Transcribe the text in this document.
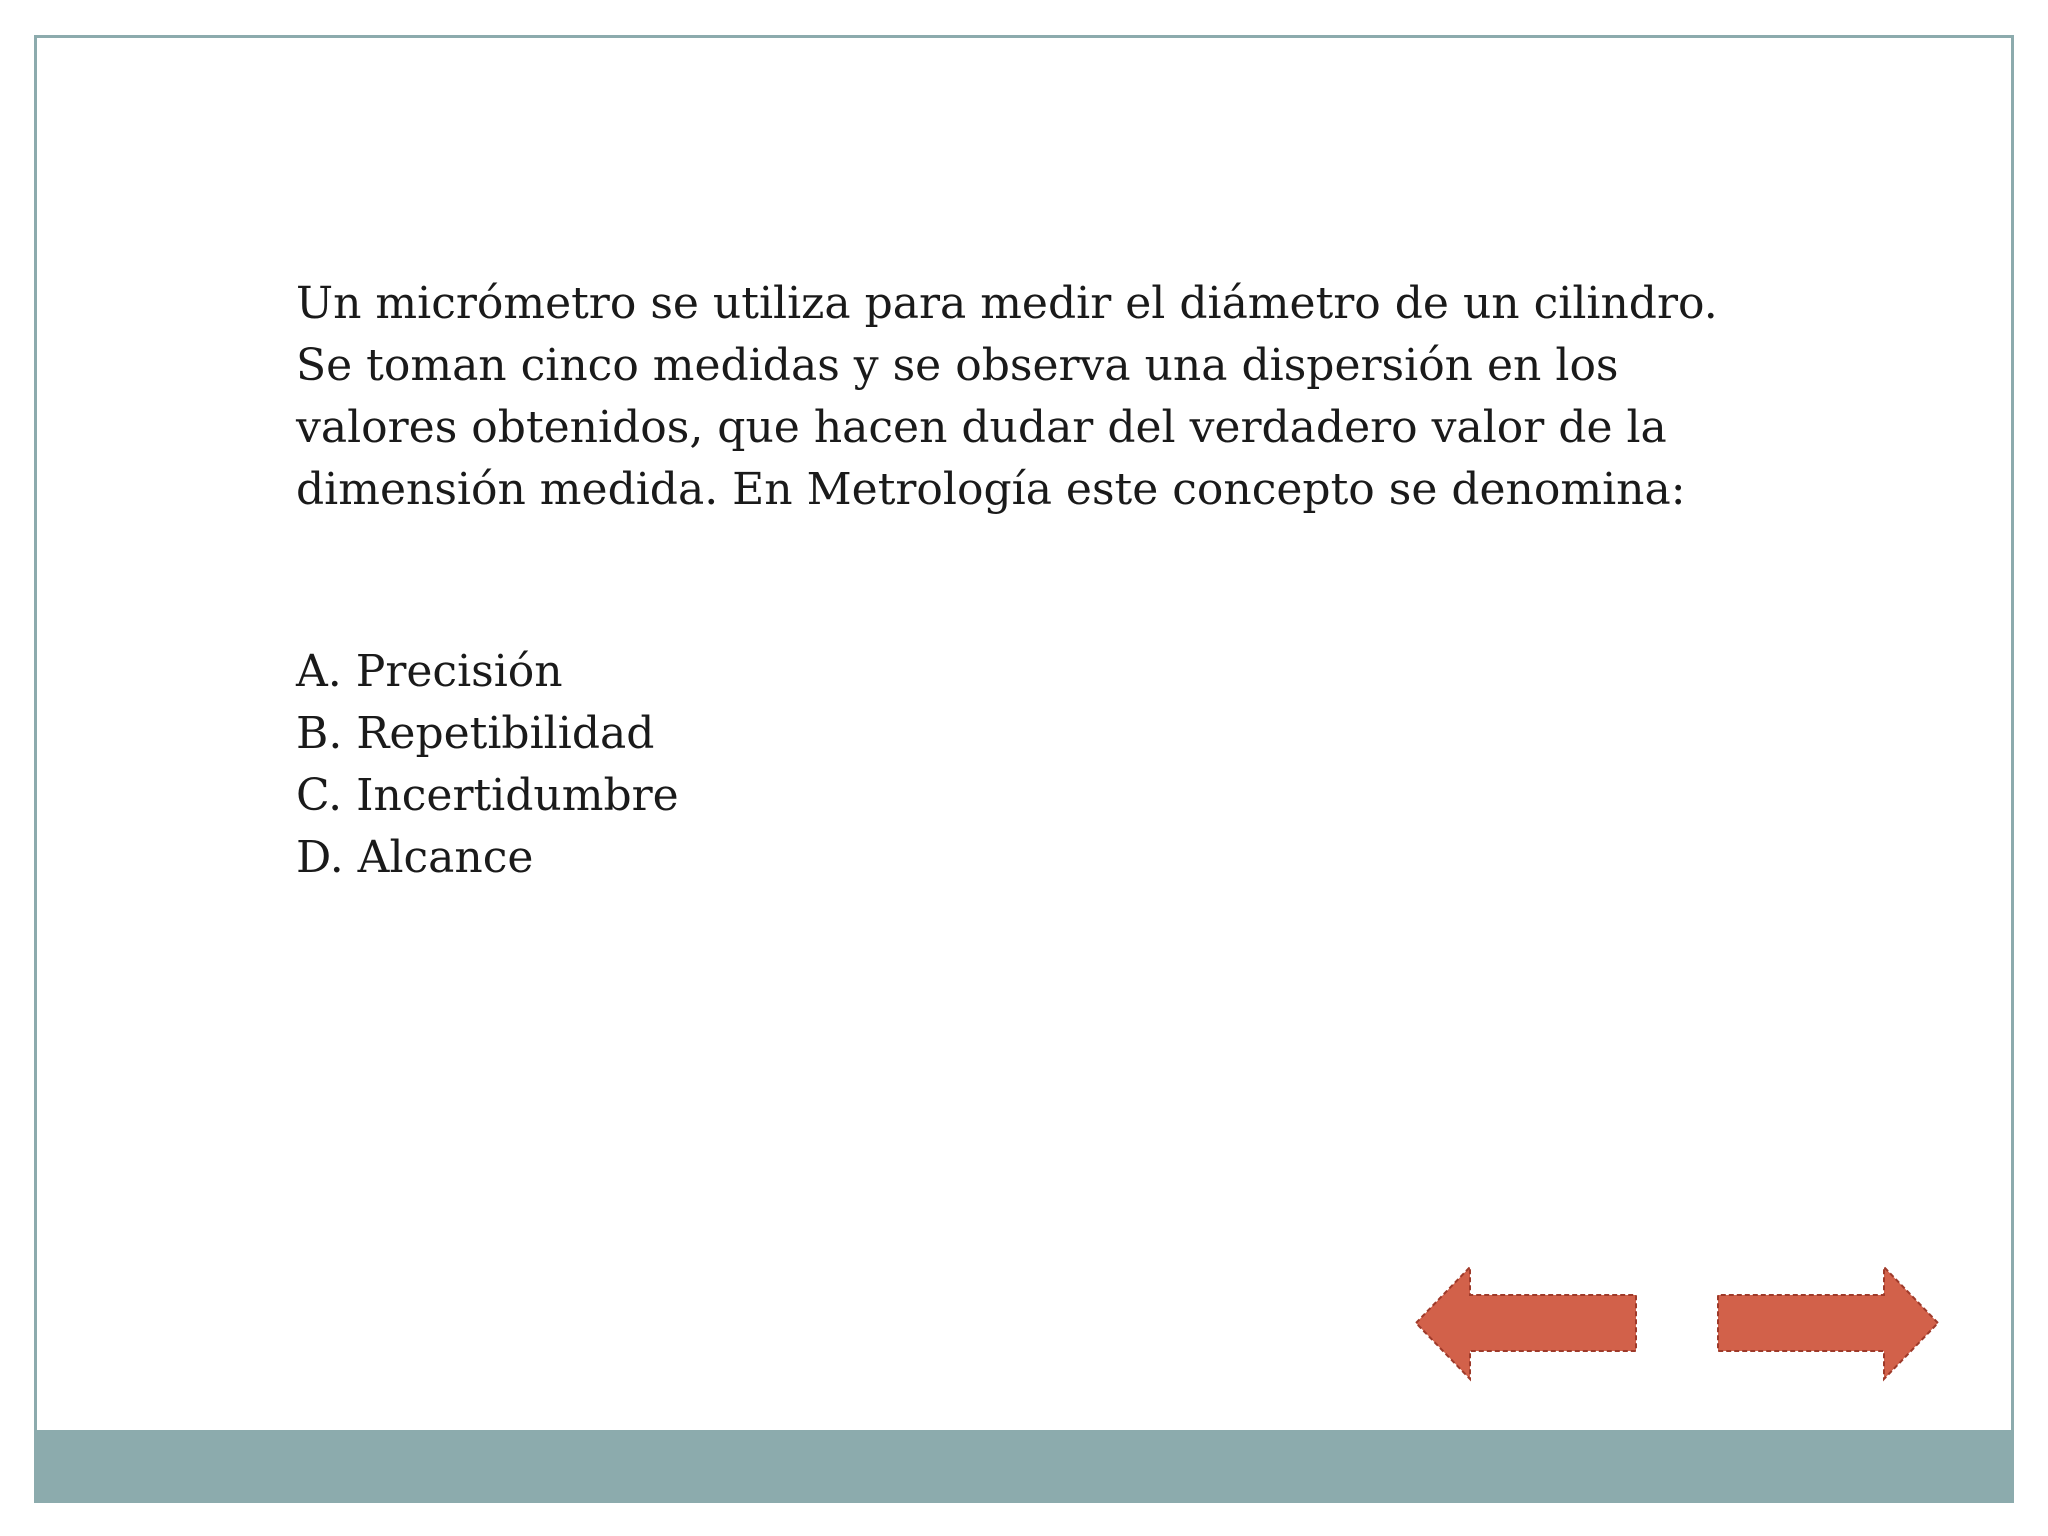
Un micrómetro se utiliza para medir el diámetro de un cilindro.
Se toman cinco medidas y se observa una dispersión en los
valores obtenidos, que hacen dudar del verdadero valor de la
dimensión medida. En Metrología este concepto se denomina:
A. Precisión
B. Repetibilidad
C. Incertidumbre
D. Alcance
